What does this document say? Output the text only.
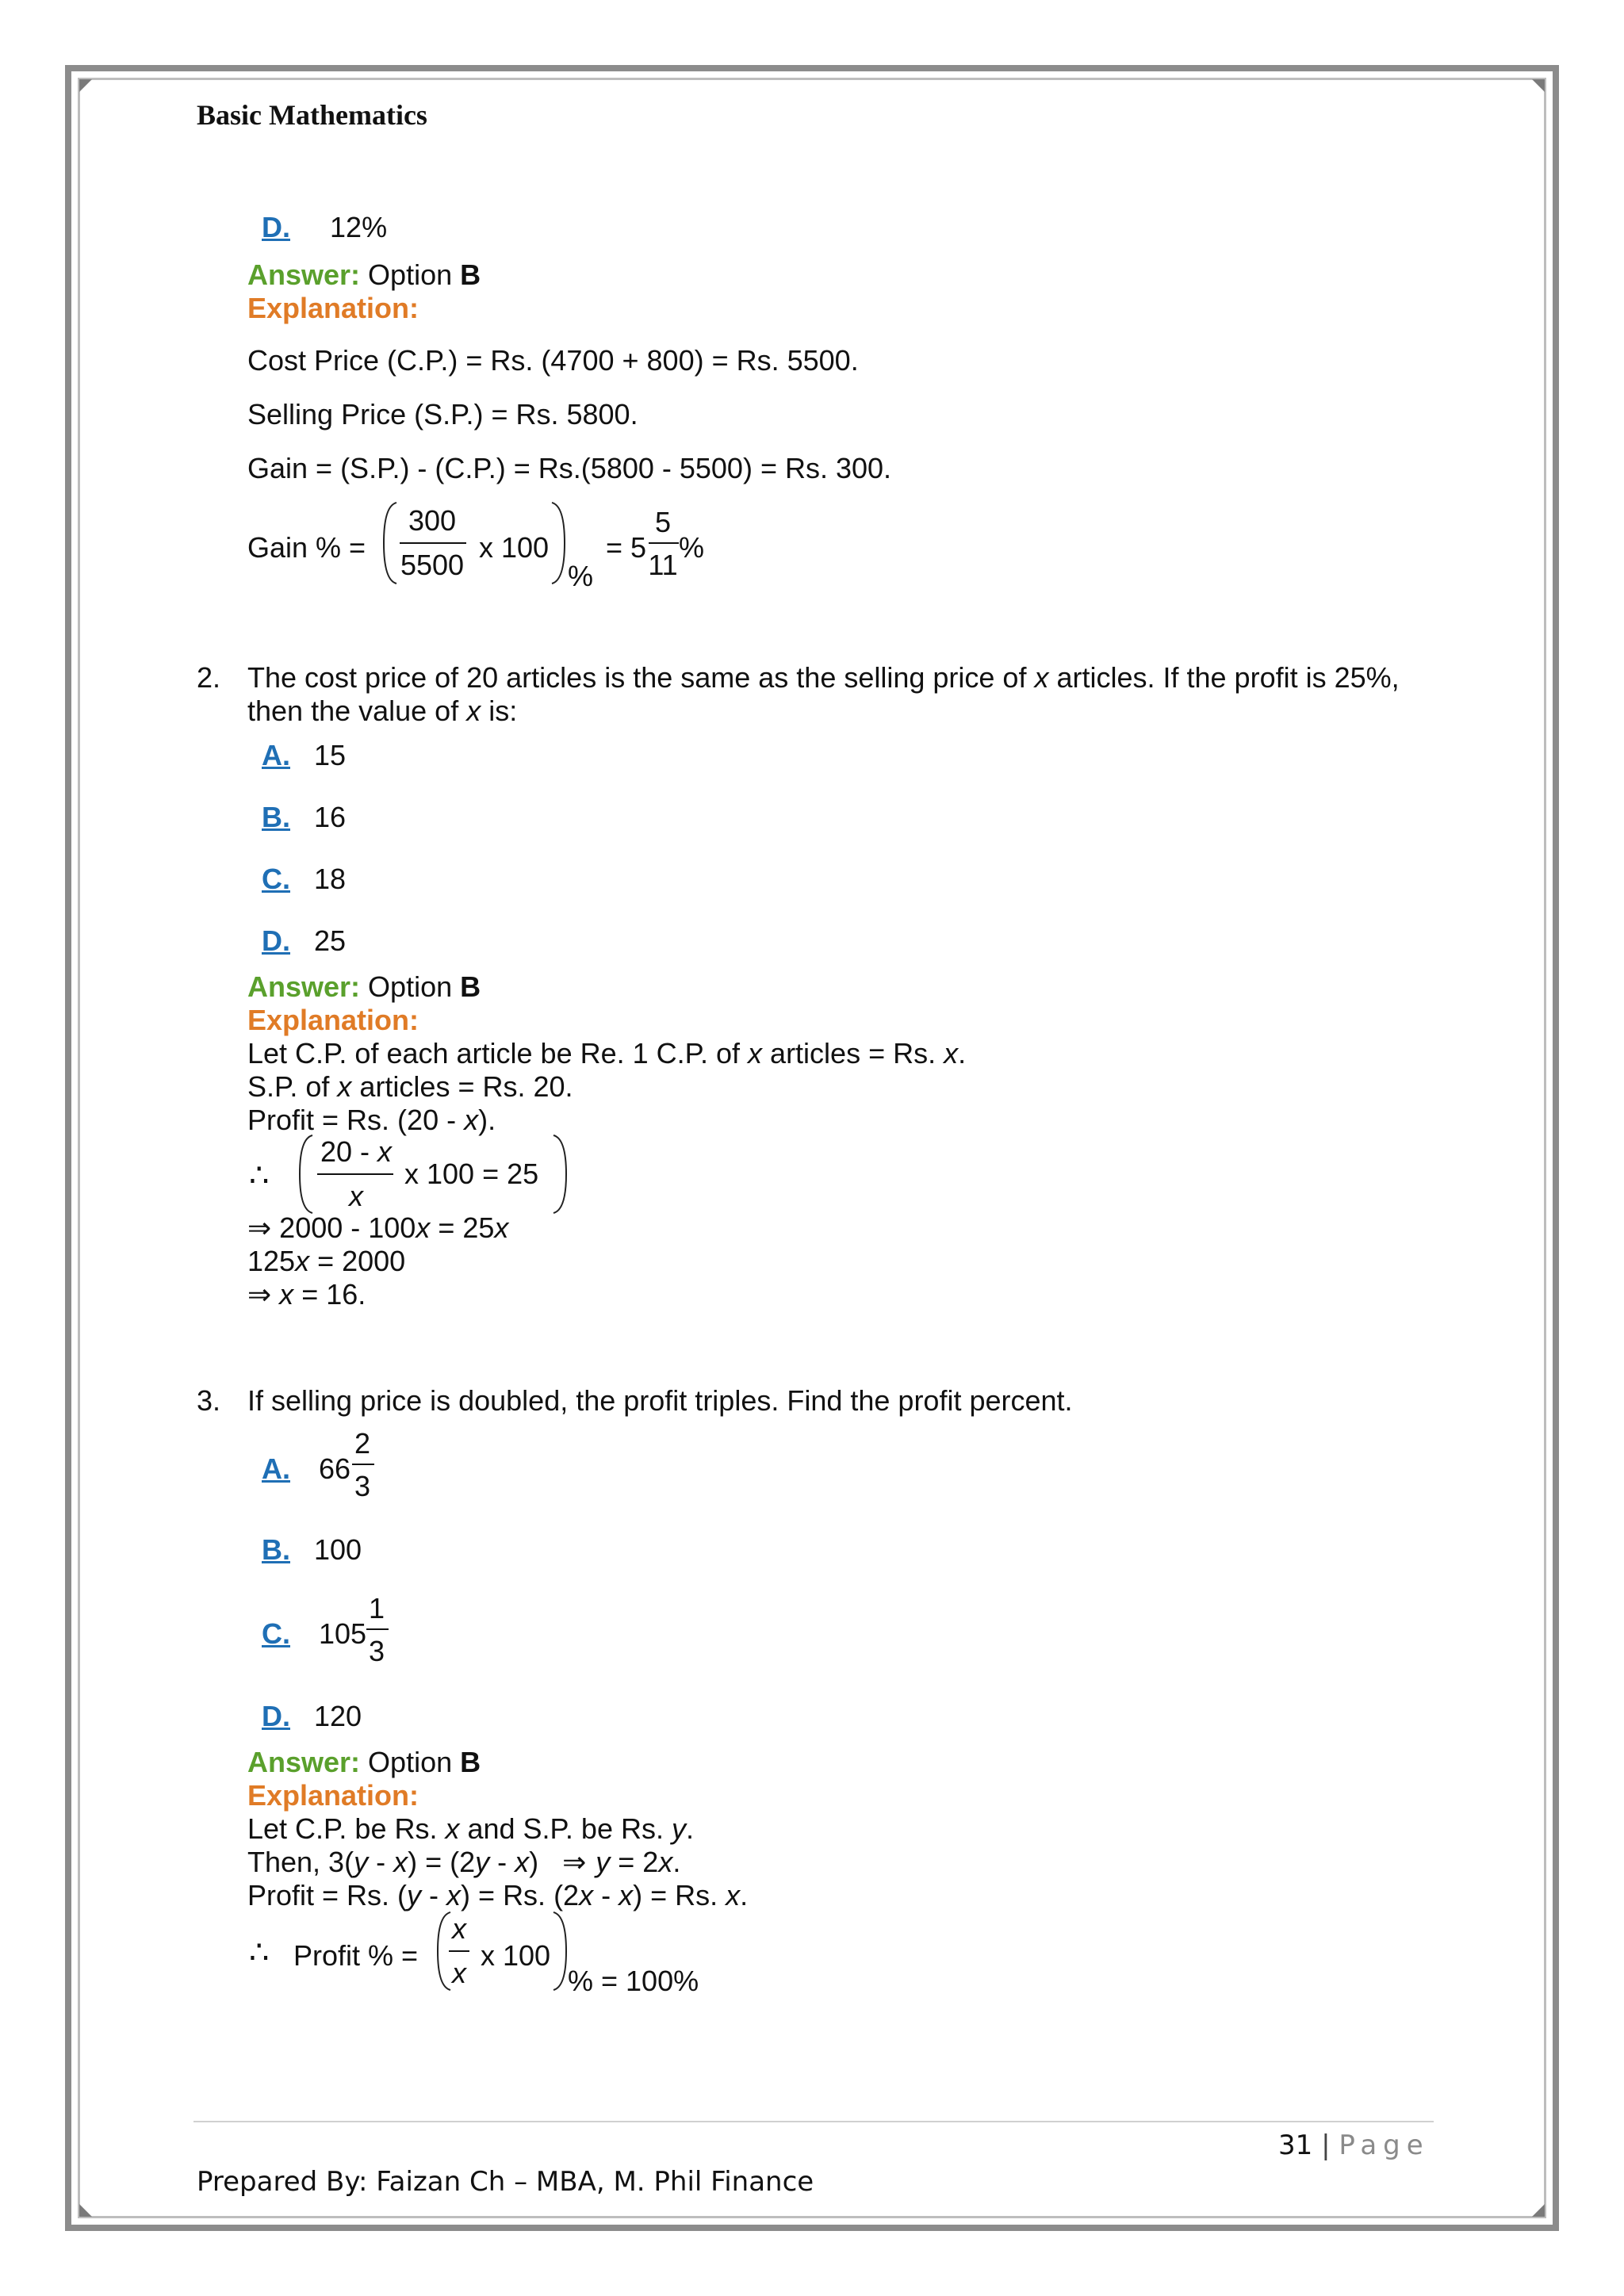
Basic Mathematics
D. 12%
Answer: Option B
Explanation:
Cost Price (C.P.) = Rs. (4700 + 800) = Rs. 5500.
Selling Price (S.P.) = Rs. 5800.
Gain = (S.P.) - (C.P.) = Rs.(5800 - 5500) = Rs. 300.
Gain % =
300
5500
x 100
%
= 5
5
11
%
2. The cost price of 20 articles is the same as the selling price of x articles. If the profit is 25%,
then the value of x is:
A. 15
B. 16
C. 18
D. 25
Answer: Option B
Explanation:
Let C.P. of each article be Re. 1 C.P. of x articles = Rs. x.
S.P. of x articles = Rs. 20.
Profit = Rs. (20 - x).
∴
20 - x
x
x 100 = 25
⇒ 2000 - 100x = 25x
125x = 2000
⇒ x = 16.
3. If selling price is doubled, the profit triples. Find the profit percent.
A. 66
2
3
B. 100
C. 105
1
3
D. 120
Answer: Option B
Explanation:
Let C.P. be Rs. x and S.P. be Rs. y.
Then, 3(y - x) = (2y - x) ⇒ y = 2x.
Profit = Rs. (y - x) = Rs. (2x - x) = Rs. x.
∴ Profit % =
x
x
x 100
% = 100%
31 | Page
Prepared By: Faizan Ch – MBA, M. Phil Finance
